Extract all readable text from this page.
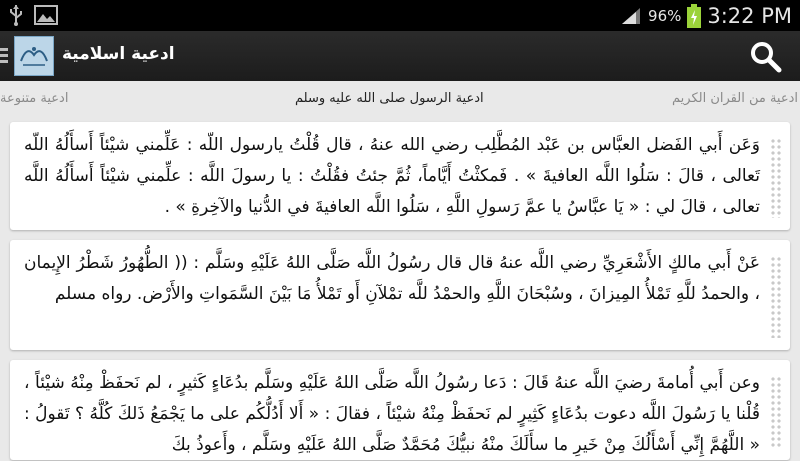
96% 3:22 PM
ادعية اسلامية
ادعية متنوعة	ادعية الرسول صلى الله عليه وسلم	ادعية من القران الكريم
وَعَن أَبي الفَضل العبَّاس بن عَبْد المُطَّلِب رضي الله عنهُ ، قال قُلْتُ يارسول اللّه : عَلِّمني شيْئاً أَسأَلُهُ اللّه تَعالى ، قالَ : سَلُوا اللَّه العافيةَ » . فَمكثْتُ أَيَّاماً، ثُمَّ جئتُ فقُلْتُ : يا رسولَ اللَّه : علِّمني شيْئاً أَسأَلُهُ اللَّه تعالى ، قالَ لي : « يَا عبَّاسُ يا عمَّ رَسولِ اللَّهِ ، سَلُوا اللَّه العافيةَ في الدُّنيا والآخِرةِ » .
عَنْ أَبي مالكٍ الأَشْعَرِيِّ رضي اللَّه عنهُ قال قال رسُولُ اللَّه صَلَّى اللهُ عَلَيْهِ وسَلَّم : (( الطُّهُورُ شَطْرُ الإِيمان ، والحمدُ للَّهِ تَمْلأُ المِيزانَ ، وسُبْحَانَ اللَّهِ والحمْدُ للَّه تمْلآنِ أَو تَمْلأُ مَا بَيْنَ السَّمَواتِ والأَرْض. رواه مسلم
وعن أَبي أُمامةَ رضيَ اللَّه عنهُ قَالَ : دَعا رسُولُ اللَّه صَلَّى اللهُ عَلَيْهِ وسَلَّم بدُعَاءٍ كَثيرٍ ، لم نَحفَظْ مِنْهُ شيْئاً ، قُلْنا يا رَسُولَ اللَّه دعوت بدُعَاءٍ كَثِيرٍ لم نَحفَظْ مِنْهُ شيْئاً ، فقالَ : « أَلا أَدُلُّكُم على ما يَجْمَعُ ذَلكَ كُلَّهُ ؟ تَقولُ : « اللَّهُمَّ إِنِّي أَسْأَلُكَ مِنْ خَيرِ ما سأَلَكَ منْهُ نبيُّكَ مُحَمَّدٌ صَلَّى اللهُ عَلَيْهِ وسَلَّم ، وأَعوذُ بكَ
